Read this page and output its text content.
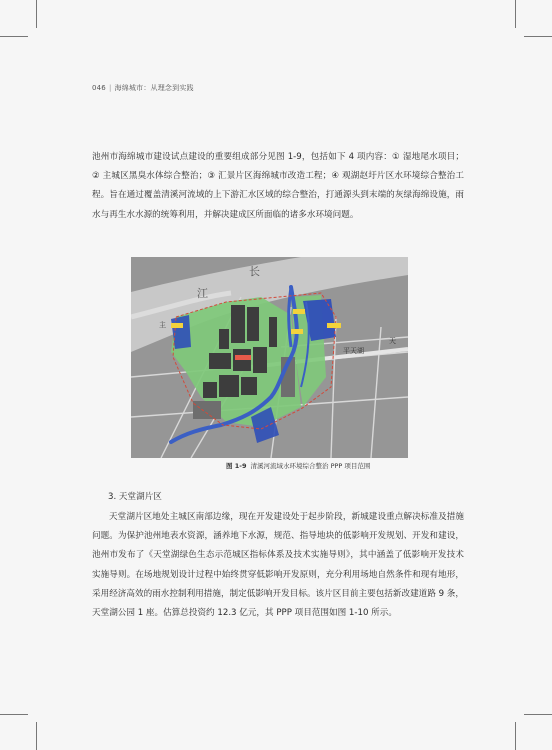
046 | 海绵城市：从理念到实践

池州市海绵城市建设试点建设的重要组成部分见图 1-9，包括如下 4 项内容：① 湿地尾水项目；② 主城区黑臭水体综合整治；③ 汇景片区海绵城市改造工程；④ 观湖赵圩片区水环境综合整治工程。旨在通过覆盖清溪河流域的上下游汇水区域的综合整治，打通源头到末端的灰绿海绵设施，雨水与再生水水源的统筹利用，并解决建成区所面临的诸多水环境问题。

长
江
主
平天湖
天
图 1-9 清溪河流域水环境综合整治 PPP 项目范围
3. 天堂湖片区

天堂湖片区地处主城区南部边缘，现在开发建设处于起步阶段，新城建设重点解决标准及措施问题。为保护池州地表水资源，涵养地下水源，规范、指导地块的低影响开发规划、开发和建设，池州市发布了《天堂湖绿色生态示范城区指标体系及技术实施导则》，其中涵盖了低影响开发技术实施导则。在场地规划设计过程中始终贯穿低影响开发原则，充分利用场地自然条件和现有地形，采用经济高效的雨水控制利用措施，制定低影响开发目标。该片区目前主要包括新改建道路 9 条，天堂湖公园 1 座。估算总投资约 12.3 亿元，其 PPP 项目范围如图 1-10 所示。
